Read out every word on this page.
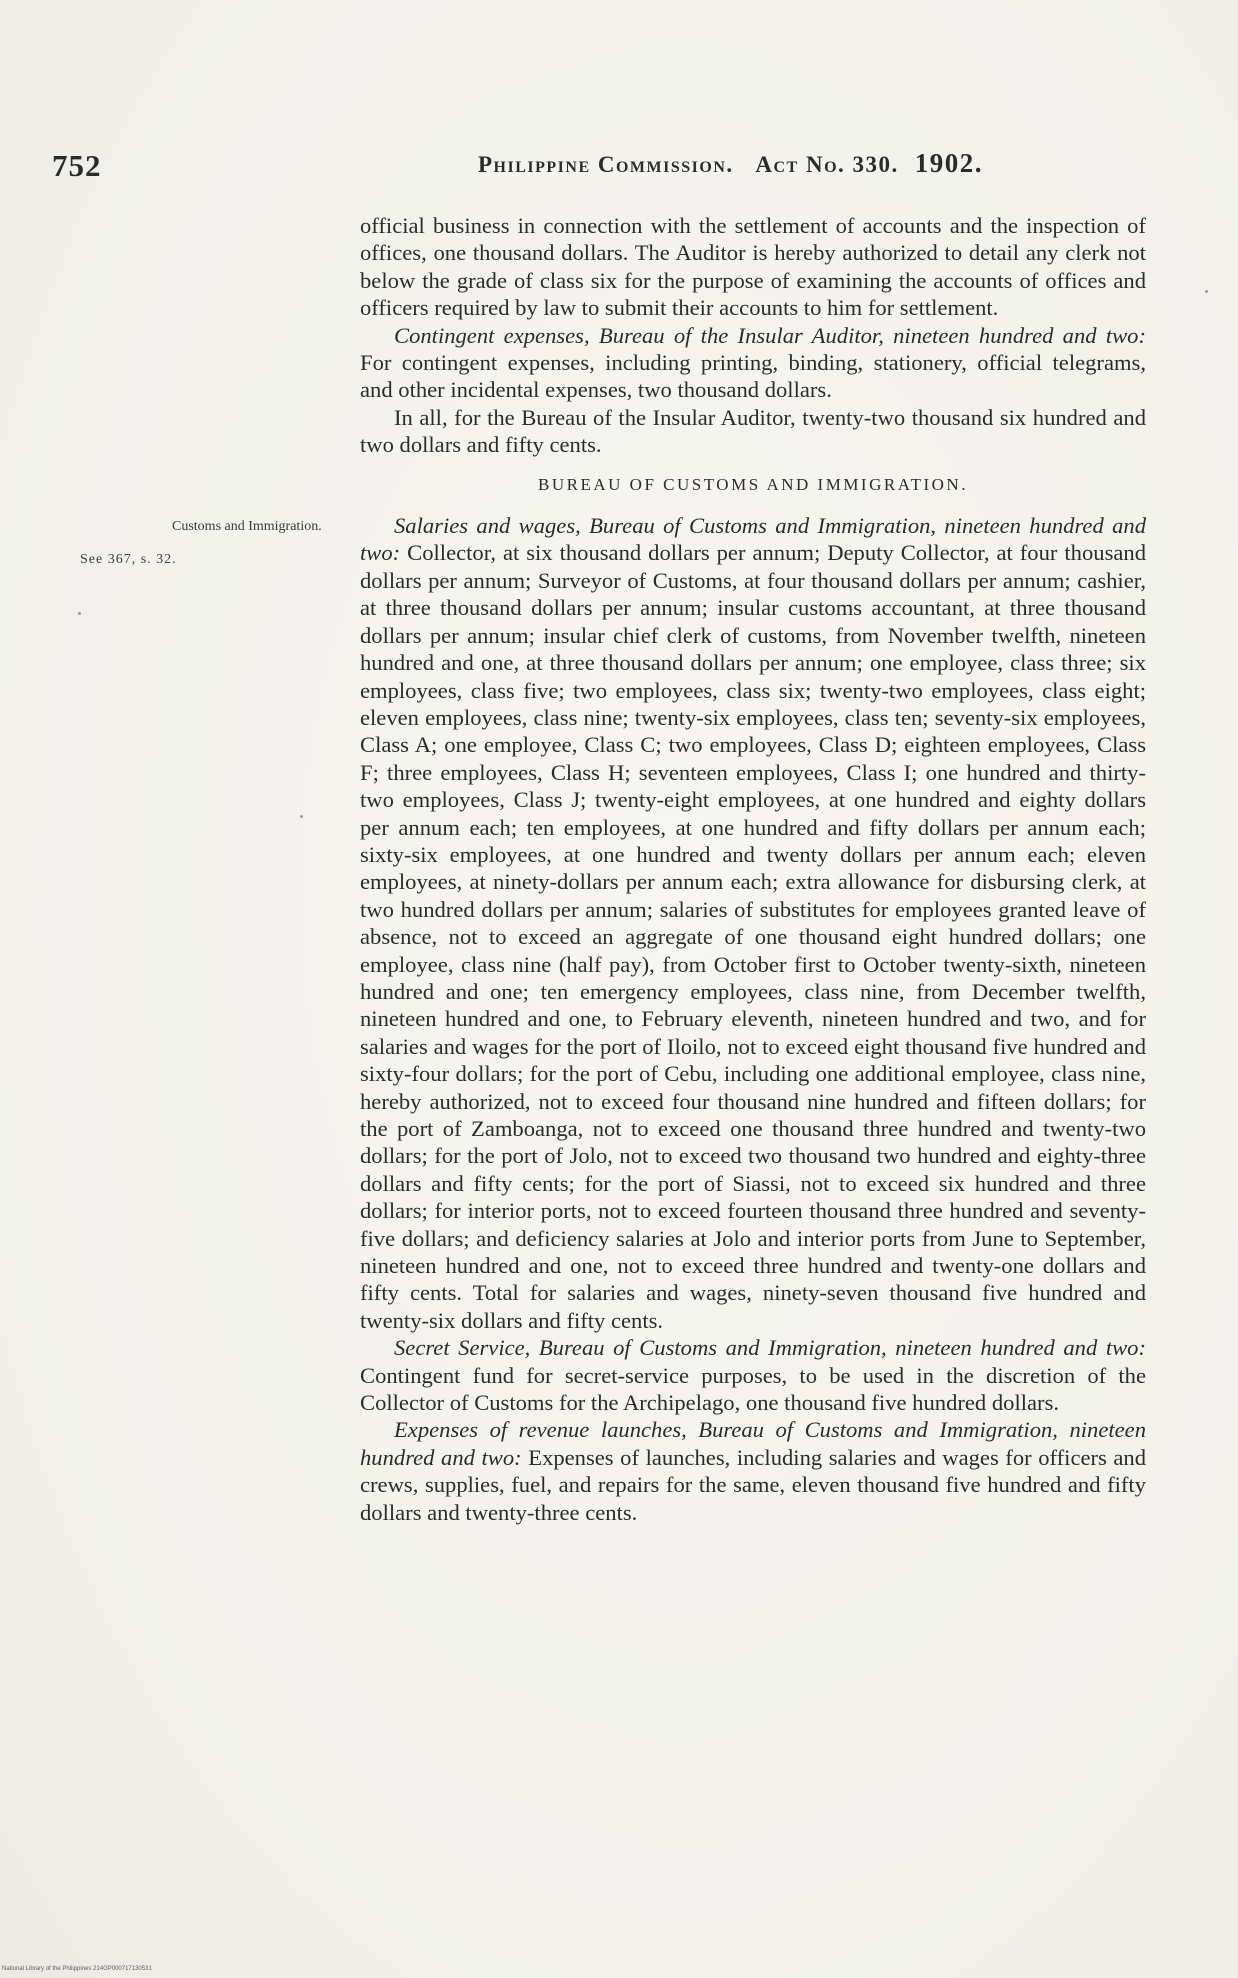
752	Philippine Commission. Act No. 330. 1902.
Customs and Immigration.
See 367, s. 32.

official business in connection with the settlement of accounts and the inspection of offices, one thousand dollars. The Auditor is hereby authorized to detail any clerk not below the grade of class six for the purpose of examining the accounts of offices and officers required by law to submit their accounts to him for settlement.

Contingent expenses, Bureau of the Insular Auditor, nineteen hundred and two: For contingent expenses, including printing, binding, stationery, official telegrams, and other incidental expenses, two thousand dollars.

In all, for the Bureau of the Insular Auditor, twenty-two thousand six hundred and two dollars and fifty cents.

BUREAU OF CUSTOMS AND IMMIGRATION.

Salaries and wages, Bureau of Customs and Immigration, nineteen hundred and two: Collector, at six thousand dollars per annum; Deputy Collector, at four thousand dollars per annum; Surveyor of Customs, at four thousand dollars per annum; cashier, at three thousand dollars per annum; insular customs accountant, at three thousand dollars per annum; insular chief clerk of customs, from November twelfth, nineteen hundred and one, at three thousand dollars per annum; one employee, class three; six employees, class five; two employees, class six; twenty-two employees, class eight; eleven employees, class nine; twenty-six employees, class ten; seventy-six employees, Class A; one employee, Class C; two employees, Class D; eighteen employees, Class F; three employees, Class H; seventeen employees, Class I; one hundred and thirty-two employees, Class J; twenty-eight employees, at one hundred and eighty dollars per annum each; ten employees, at one hundred and fifty dollars per annum each; sixty-six employees, at one hundred and twenty dollars per annum each; eleven employees, at ninety-dollars per annum each; extra allowance for disbursing clerk, at two hundred dollars per annum; salaries of substitutes for employees granted leave of absence, not to exceed an aggregate of one thousand eight hundred dollars; one employee, class nine (half pay), from October first to October twenty-sixth, nineteen hundred and one; ten emergency employees, class nine, from December twelfth, nineteen hundred and one, to February eleventh, nineteen hundred and two, and for salaries and wages for the port of Iloilo, not to exceed eight thousand five hundred and sixty-four dollars; for the port of Cebu, including one additional employee, class nine, hereby authorized, not to exceed four thousand nine hundred and fifteen dollars; for the port of Zamboanga, not to exceed one thousand three hundred and twenty-two dollars; for the port of Jolo, not to exceed two thousand two hundred and eighty-three dollars and fifty cents; for the port of Siassi, not to exceed six hundred and three dollars; for interior ports, not to exceed fourteen thousand three hundred and seventy-five dollars; and deficiency salaries at Jolo and interior ports from June to September, nineteen hundred and one, not to exceed three hundred and twenty-one dollars and fifty cents. Total for salaries and wages, ninety-seven thousand five hundred and twenty-six dollars and fifty cents.

Secret Service, Bureau of Customs and Immigration, nineteen hundred and two: Contingent fund for secret-service purposes, to be used in the discretion of the Collector of Customs for the Archipelago, one thousand five hundred dollars.

Expenses of revenue launches, Bureau of Customs and Immigration, nineteen hundred and two: Expenses of launches, including salaries and wages for officers and crews, supplies, fuel, and repairs for the same, eleven thousand five hundred and fifty dollars and twenty-three cents.

National Library of the Philippines 214GP000717130531
